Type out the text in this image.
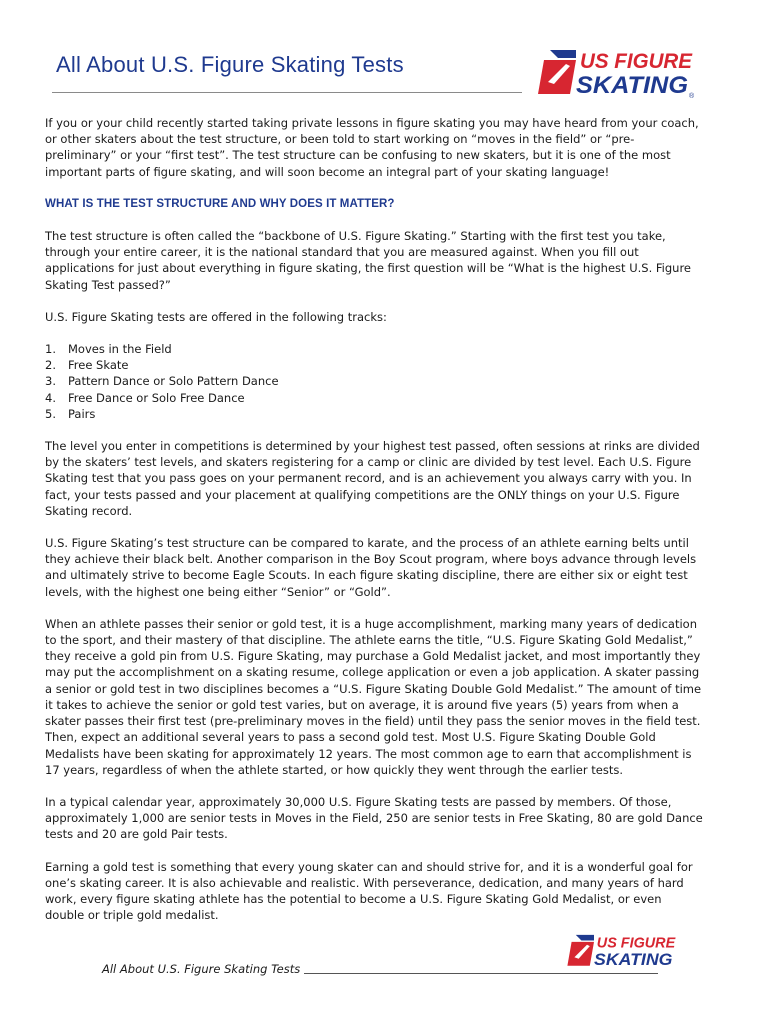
All About U.S. Figure Skating Tests	US FIGURE
SKATING ®

If you or your child recently started taking private lessons in figure skating you may have heard from your coach, or other skaters about the test structure, or been told to start working on “moves in the field” or “pre-preliminary” or your “first test”. The test structure can be confusing to new skaters, but it is one of the most important parts of figure skating, and will soon become an integral part of your skating language!

WHAT IS THE TEST STRUCTURE AND WHY DOES IT MATTER?

The test structure is often called the “backbone of U.S. Figure Skating.” Starting with the first test you take, through your entire career, it is the national standard that you are measured against. When you fill out applications for just about everything in figure skating, the first question will be “What is the highest U.S. Figure Skating Test passed?”

U.S. Figure Skating tests are offered in the following tracks:

1.	Moves in the Field
2.	Free Skate
3.	Pattern Dance or Solo Pattern Dance
4.	Free Dance or Solo Free Dance
5.	Pairs

The level you enter in competitions is determined by your highest test passed, often sessions at rinks are divided by the skaters’ test levels, and skaters registering for a camp or clinic are divided by test level. Each U.S. Figure Skating test that you pass goes on your permanent record, and is an achievement you always carry with you. In fact, your tests passed and your placement at qualifying competitions are the ONLY things on your U.S. Figure Skating record.

U.S. Figure Skating’s test structure can be compared to karate, and the process of an athlete earning belts until they achieve their black belt. Another comparison in the Boy Scout program, where boys advance through levels and ultimately strive to become Eagle Scouts. In each figure skating discipline, there are either six or eight test levels, with the highest one being either “Senior” or “Gold”.

When an athlete passes their senior or gold test, it is a huge accomplishment, marking many years of dedication to the sport, and their mastery of that discipline. The athlete earns the title, “U.S. Figure Skating Gold Medalist,” they receive a gold pin from U.S. Figure Skating, may purchase a Gold Medalist jacket, and most importantly they may put the accomplishment on a skating resume, college application or even a job application. A skater passing a senior or gold test in two disciplines becomes a “U.S. Figure Skating Double Gold Medalist.” The amount of time it takes to achieve the senior or gold test varies, but on average, it is around five years (5) years from when a skater passes their first test (pre-preliminary moves in the field) until they pass the senior moves in the field test. Then, expect an additional several years to pass a second gold test. Most U.S. Figure Skating Double Gold Medalists have been skating for approximately 12 years. The most common age to earn that accomplishment is 17 years, regardless of when the athlete started, or how quickly they went through the earlier tests.

In a typical calendar year, approximately 30,000 U.S. Figure Skating tests are passed by members. Of those, approximately 1,000 are senior tests in Moves in the Field, 250 are senior tests in Free Skating, 80 are gold Dance tests and 20 are gold Pair tests.

Earning a gold test is something that every young skater can and should strive for, and it is a wonderful goal for one’s skating career. It is also achievable and realistic. With perseverance, dedication, and many years of hard work, every figure skating athlete has the potential to become a U.S. Figure Skating Gold Medalist, or even double or triple gold medalist.

US FIGURE
SKATING
All About U.S. Figure Skating Tests
